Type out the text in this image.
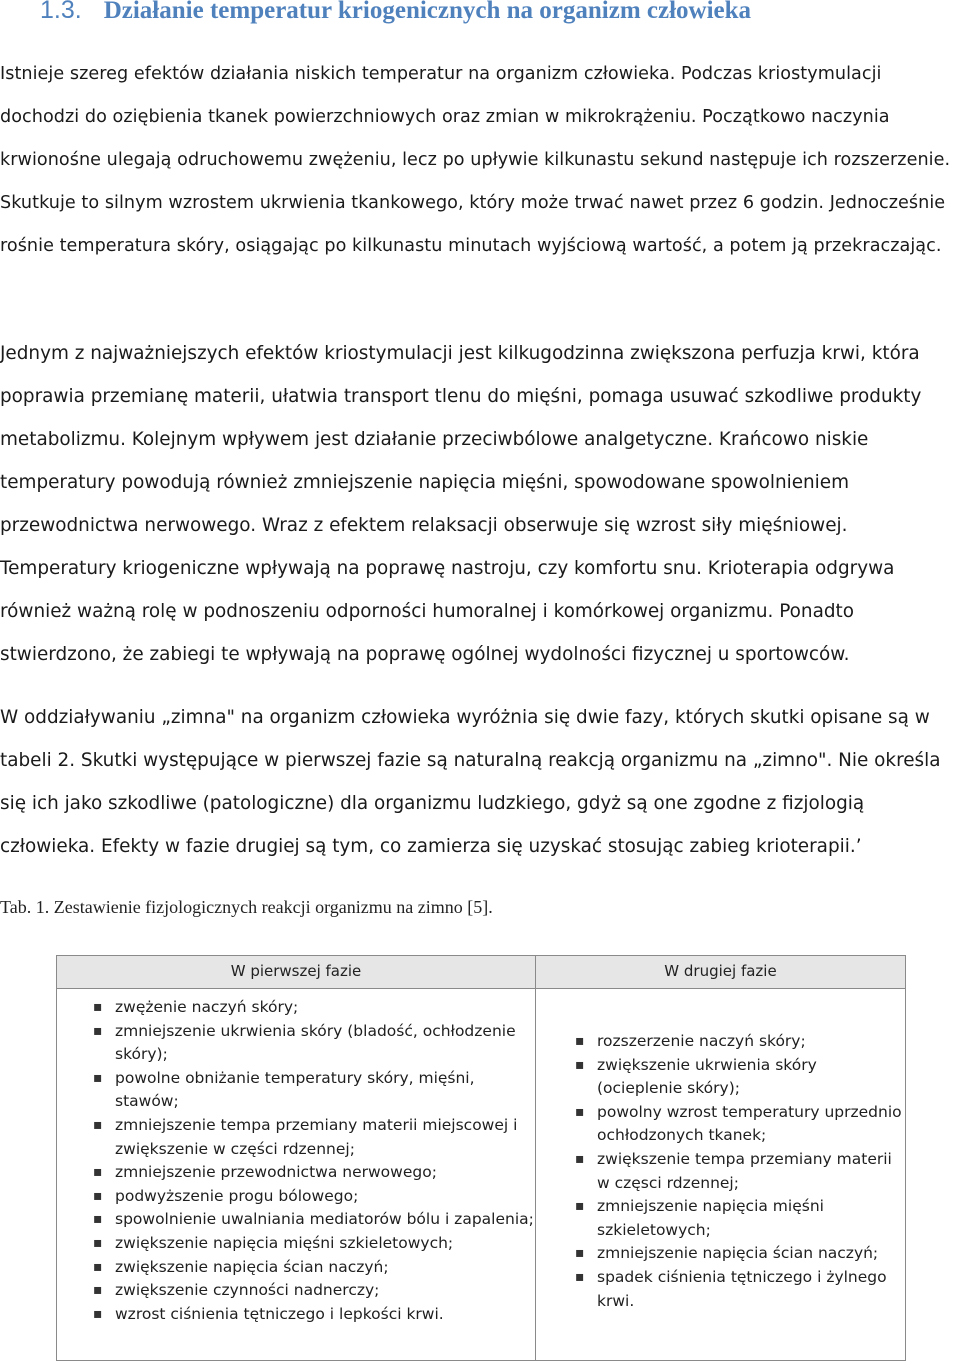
1.3. Działanie temperatur kriogenicznych na organizm człowieka

Istnieje szereg efektów działania niskich temperatur na organizm człowieka. Podczas kriostymulacji dochodzi do oziębienia tkanek powierzchniowych oraz zmian w mikrokrążeniu. Początkowo naczynia krwionośne ulegają odruchowemu zwężeniu, lecz po upływie kilkunastu sekund następuje ich rozszerzenie. Skutkuje to silnym wzrostem ukrwienia tkankowego, który może trwać nawet przez 6 godzin. Jednocześnie rośnie temperatura skóry, osiągając po kilkunastu minutach wyjściową wartość, a potem ją przekraczając.

Jednym z najważniejszych efektów kriostymulacji jest kilkugodzinna zwiększona perfuzja krwi, która poprawia przemianę materii, ułatwia transport tlenu do mięśni, pomaga usuwać szkodliwe produkty metabolizmu. Kolejnym wpływem jest działanie przeciwbólowe analgetyczne. Krańcowo niskie temperatury powodują również zmniejszenie napięcia mięśni, spowodowane spowolnieniem przewodnictwa nerwowego. Wraz z efektem relaksacji obserwuje się wzrost siły mięśniowej. Temperatury kriogeniczne wpływają na poprawę nastroju, czy komfortu snu. Krioterapia odgrywa również ważną rolę w podnoszeniu odporności humoralnej i komórkowej organizmu. Ponadto stwierdzono, że zabiegi te wpływają na poprawę ogólnej wydolności fizycznej u sportowców.

W oddziaływaniu „zimna" na organizm człowieka wyróżnia się dwie fazy, których skutki opisane są w tabeli 2. Skutki występujące w pierwszej fazie są naturalną reakcją organizmu na „zimno". Nie określa się ich jako szkodliwe (patologiczne) dla organizmu ludzkiego, gdyż są one zgodne z fizjologią człowieka. Efekty w fazie drugiej są tym, co zamierza się uzyskać stosując zabieg krioterapii.’

Tab. 1. Zestawienie fizjologicznych reakcji organizmu na zimno [5].

W pierwszej fazie	W drugiej fazie
▪ zwężenie naczyń skóry;
▪ zmniejszenie ukrwienia skóry (bladość, ochłodzenie skóry);
▪ powolne obniżanie temperatury skóry, mięśni, stawów;
▪ zmniejszenie tempa przemiany materii miejscowej i zwiększenie w części rdzennej;
▪ zmniejszenie przewodnictwa nerwowego;
▪ podwyższenie progu bólowego;
▪ spowolnienie uwalniania mediatorów bólu i zapalenia;
▪ zwiększenie napięcia mięśni szkieletowych;
▪ zwiększenie napięcia ścian naczyń;
▪ zwiększenie czynności nadnerczy;
▪ wzrost ciśnienia tętniczego i lepkości krwi.
▪ rozszerzenie naczyń skóry;
▪ zwiększenie ukrwienia skóry (ocieplenie skóry);
▪ powolny wzrost temperatury uprzednio ochłodzonych tkanek;
▪ zwiększenie tempa przemiany materii w częsci rdzennej;
▪ zmniejszenie napięcia mięśni szkieletowych;
▪ zmniejszenie napięcia ścian naczyń;
▪ spadek ciśnienia tętniczego i żylnego krwi.
